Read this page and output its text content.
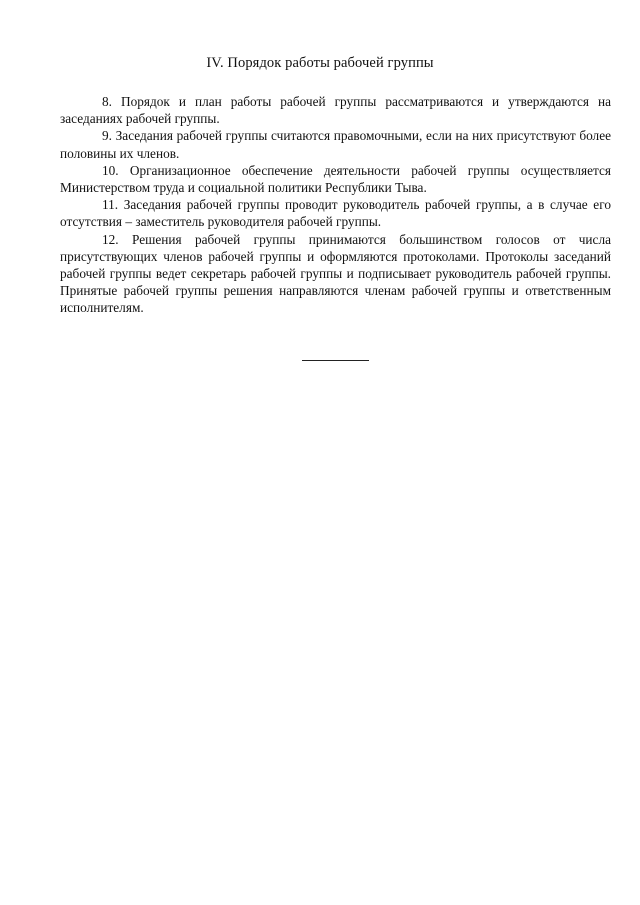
IV. Порядок работы рабочей группы

8. Порядок и план работы рабочей группы рассматриваются и утверждаются на заседаниях рабочей группы.

9. Заседания рабочей группы считаются правомочными, если на них присутствуют более половины их членов.

10. Организационное обеспечение деятельности рабочей группы осуществляется Министерством труда и социальной политики Республики Тыва.

11. Заседания рабочей группы проводит руководитель рабочей группы, а в случае его отсутствия – заместитель руководителя рабочей группы.

12. Решения рабочей группы принимаются большинством голосов от числа присутствующих членов рабочей группы и оформляются протоколами. Протоколы заседаний рабочей группы ведет секретарь рабочей группы и подписывает руководитель рабочей группы. Принятые рабочей группы решения направляются членам рабочей группы и ответственным исполнителям.
